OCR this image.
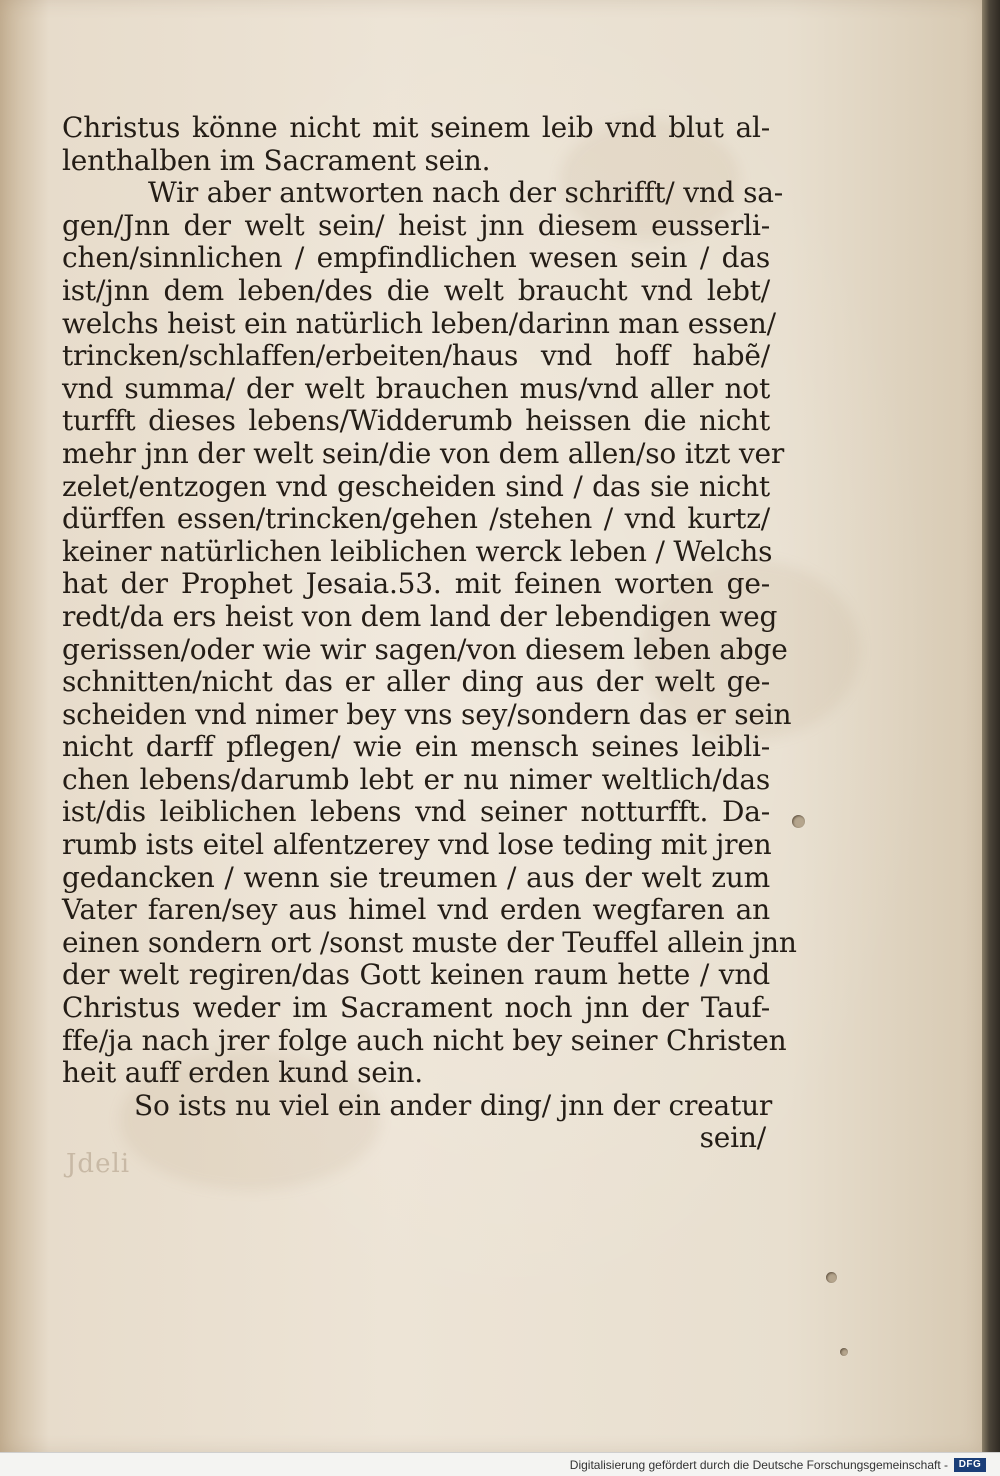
Christus könne nicht mit seinem leib vnd blut al-
lenthalben im Sacrament sein.
Wir aber antworten nach der schrifft/ vnd sa-
gen/Jnn der welt sein/ heist jnn diesem eusserli-
chen/sinnlichen / empfindlichen wesen sein / das
ist/jnn dem leben/des die welt braucht vnd lebt/
welchs heist ein natürlich leben/darinn man essen/
trincken/schlaffen/erbeiten/haus vnd hoff habẽ/
vnd summa/ der welt brauchen mus/vnd aller not
turfft dieses lebens/Widderumb heissen die nicht
mehr jnn der welt sein/die von dem allen/so itzt ver
zelet/entzogen vnd gescheiden sind / das sie nicht
dürffen essen/trincken/gehen /stehen / vnd kurtz/
keiner natürlichen leiblichen werck leben / Welchs
hat der Prophet Jesaia.53. mit feinen worten ge-
redt/da ers heist von dem land der lebendigen weg
gerissen/oder wie wir sagen/von diesem leben abge
schnitten/nicht das er aller ding aus der welt ge-
scheiden vnd nimer bey vns sey/sondern das er sein
nicht darff pflegen/ wie ein mensch seines leibli-
chen lebens/darumb lebt er nu nimer weltlich/das
ist/dis leiblichen lebens vnd seiner notturfft. Da-
rumb ists eitel alfentzerey vnd lose teding mit jren
gedancken / wenn sie treumen / aus der welt zum
Vater faren/sey aus himel vnd erden wegfaren an
einen sondern ort /sonst muste der Teuffel allein jnn
der welt regiren/das Gott keinen raum hette / vnd
Christus weder im Sacrament noch jnn der Tauf-
ffe/ja nach jrer folge auch nicht bey seiner Christen
heit auff erden kund sein.
So ists nu viel ein ander ding/ jnn der creatur
sein/
Jdeli
Digitalisierung gefördert durch die Deutsche Forschungsgemeinschaft -	DFG
